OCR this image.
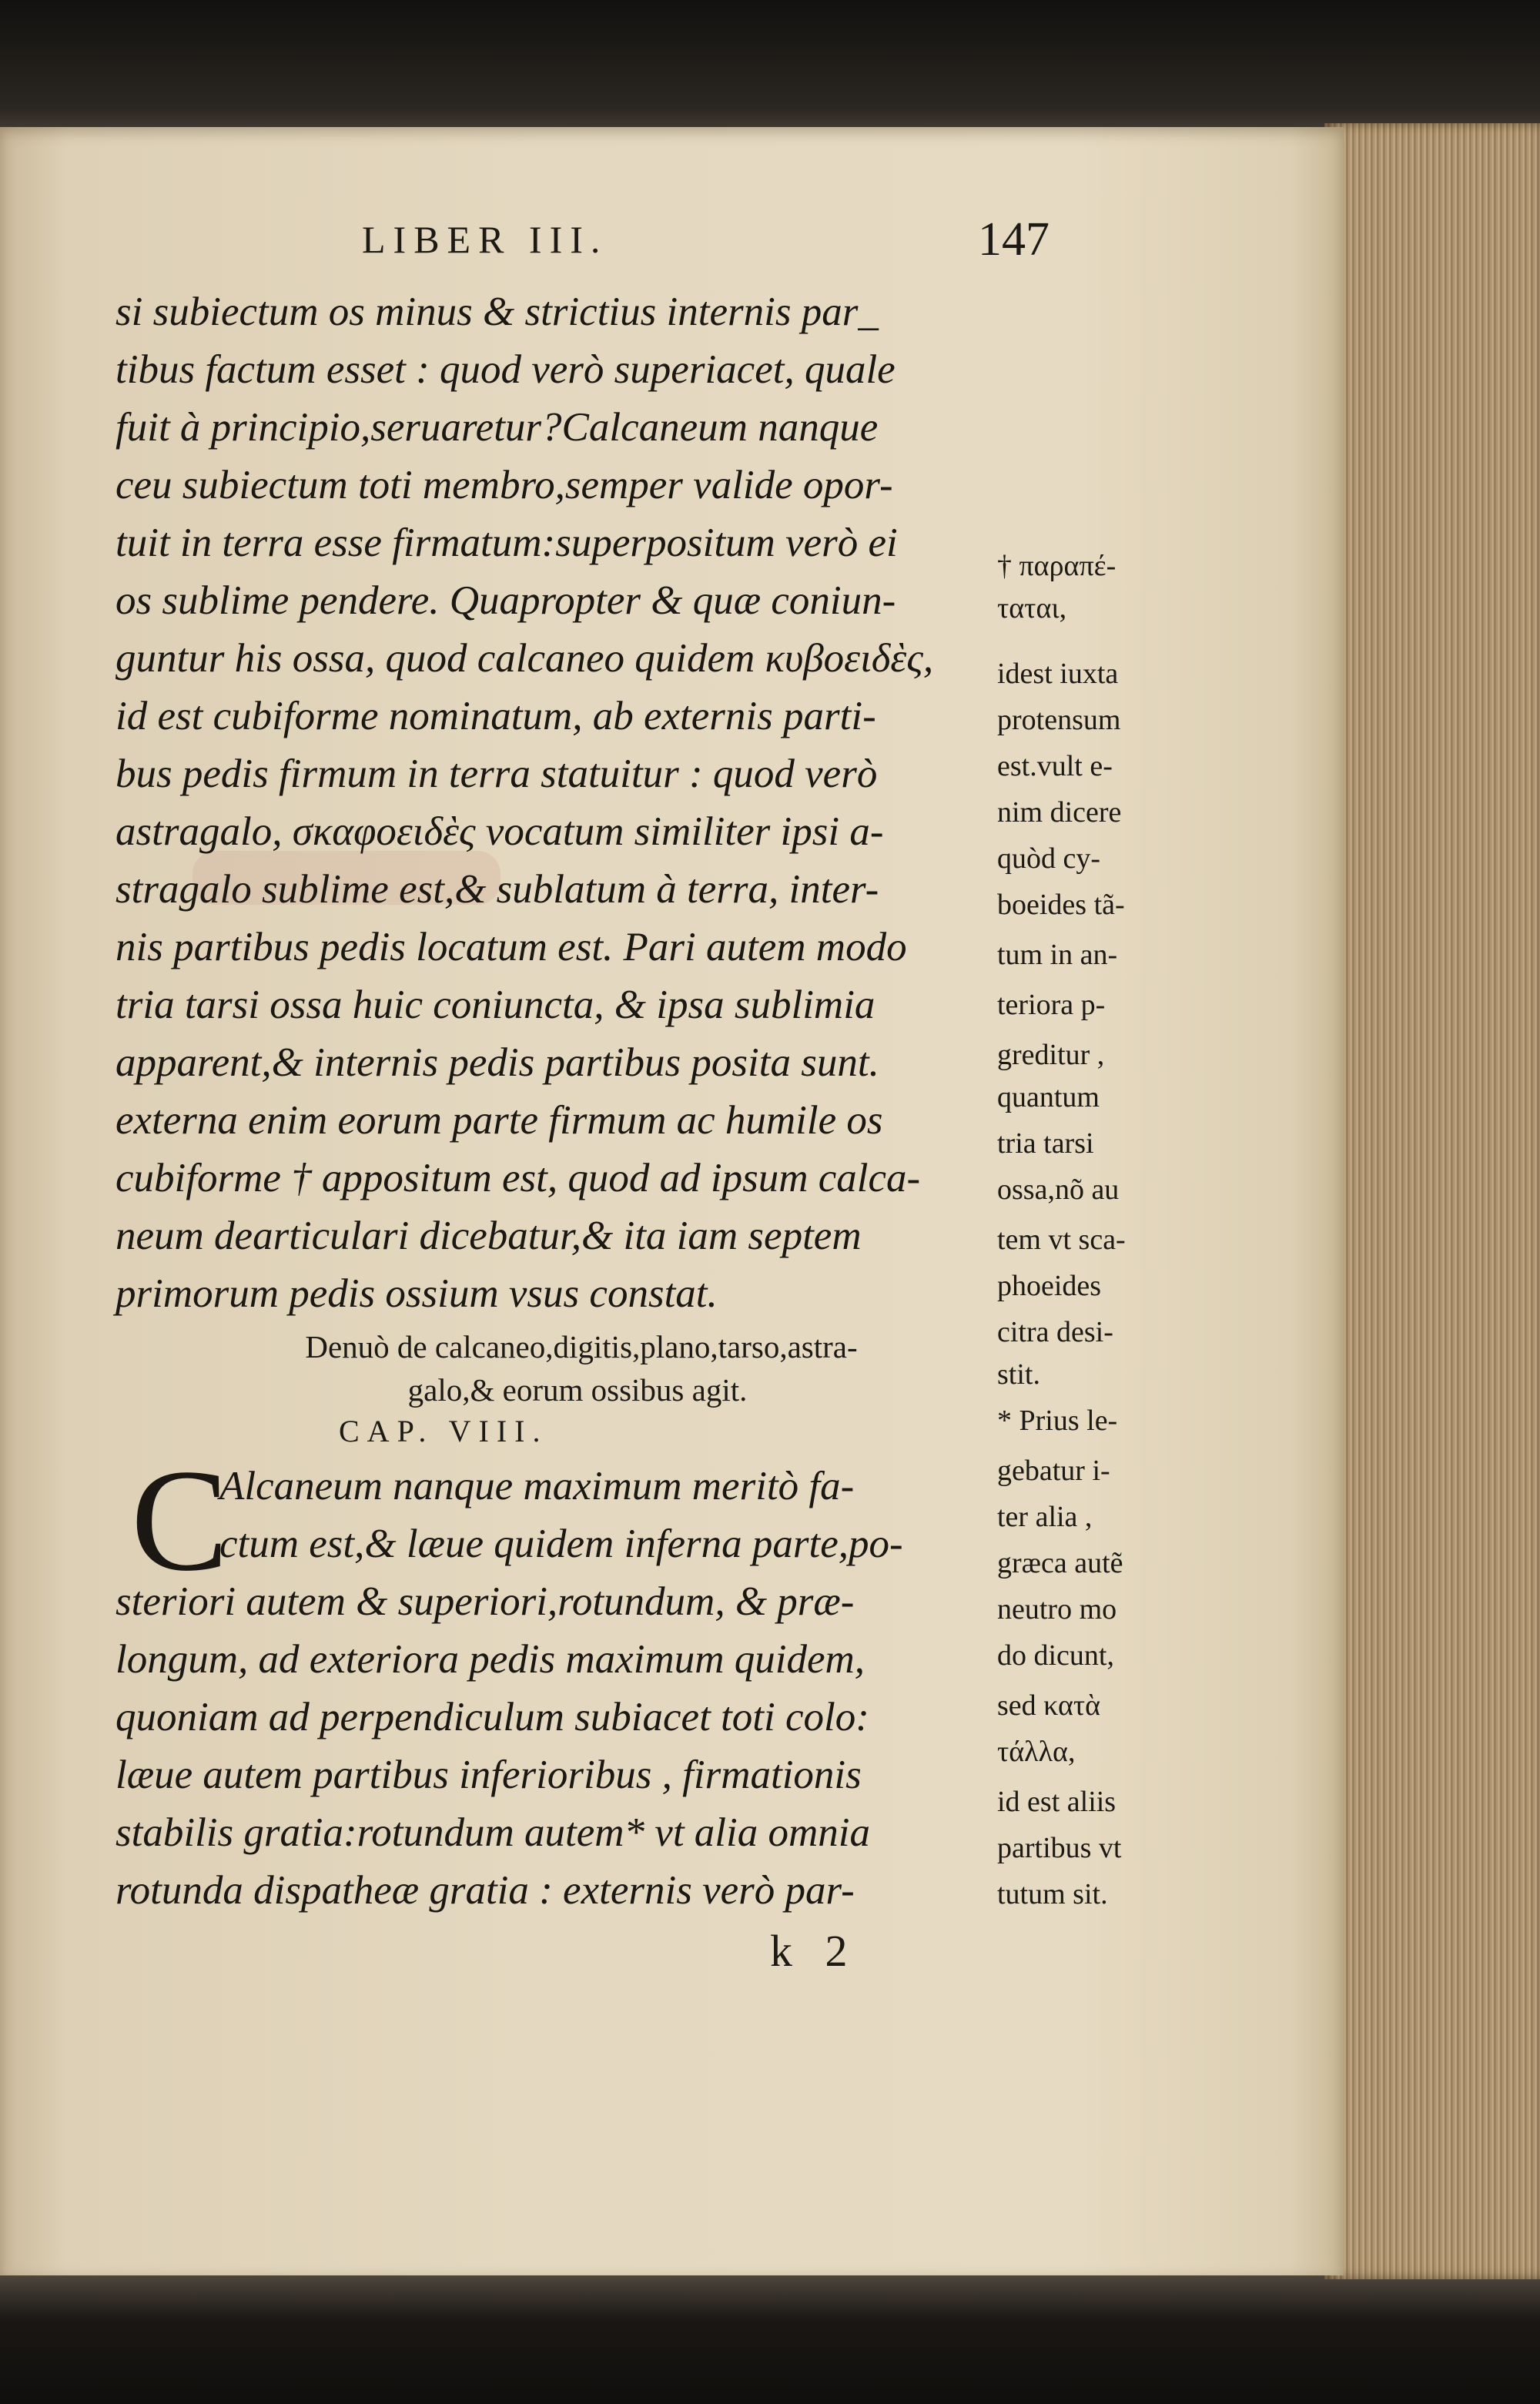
LIBER III.	147
si subiectum os minus & strictius internis par_
tibus factum esset : quod verò superiacet, quale
fuit à principio,seruaretur?Calcaneum nanque
ceu subiectum toti membro,semper valide opor-
tuit in terra esse firmatum:superpositum verò ei
os sublime pendere. Quapropter & quæ coniun-
guntur his ossa, quod calcaneo quidem κυβοειδὲς,
id est cubiforme nominatum, ab externis parti-
bus pedis firmum in terra statuitur : quod verò
astragalo, σκαφοειδὲς vocatum similiter ipsi a-
stragalo sublime est,& sublatum à terra, inter-
nis partibus pedis locatum est. Pari autem modo
tria tarsi ossa huic coniuncta, & ipsa sublimia
apparent,& internis pedis partibus posita sunt.
externa enim eorum parte firmum ac humile os
cubiforme † appositum est, quod ad ipsum calca-
neum dearticulari dicebatur,& ita iam septem
primorum pedis ossium vsus constat.
Denuò de calcaneo,digitis,plano,tarso,astra-
galo,& eorum ossibus agit.
CAP. VIII.
C
Alcaneum nanque maximum meritò fa-
ctum est,& læue quidem inferna parte,po-
steriori autem & superiori,rotundum, & præ-
longum, ad exteriora pedis maximum quidem,
quoniam ad perpendiculum subiacet toti colo:
læue autem partibus inferioribus , firmationis
stabilis gratia:rotundum autem* vt alia omnia
rotunda dispatheæ gratia : externis verò par-
† παραπέ-
ταται,
idest iuxta
protensum
est.vult e-
nim dicere
quòd cy-
boeides tã-
tum in an-
teriora p-
greditur ,
quantum
tria tarsi
ossa,nõ au
tem vt sca-
phoeides
citra desi-
stit.
* Prius le-
gebatur i-
ter alia ,
græca autẽ
neutro mo
do dicunt,
sed κατὰ
τάλλα,
id est aliis
partibus vt
tutum sit.
k 2
